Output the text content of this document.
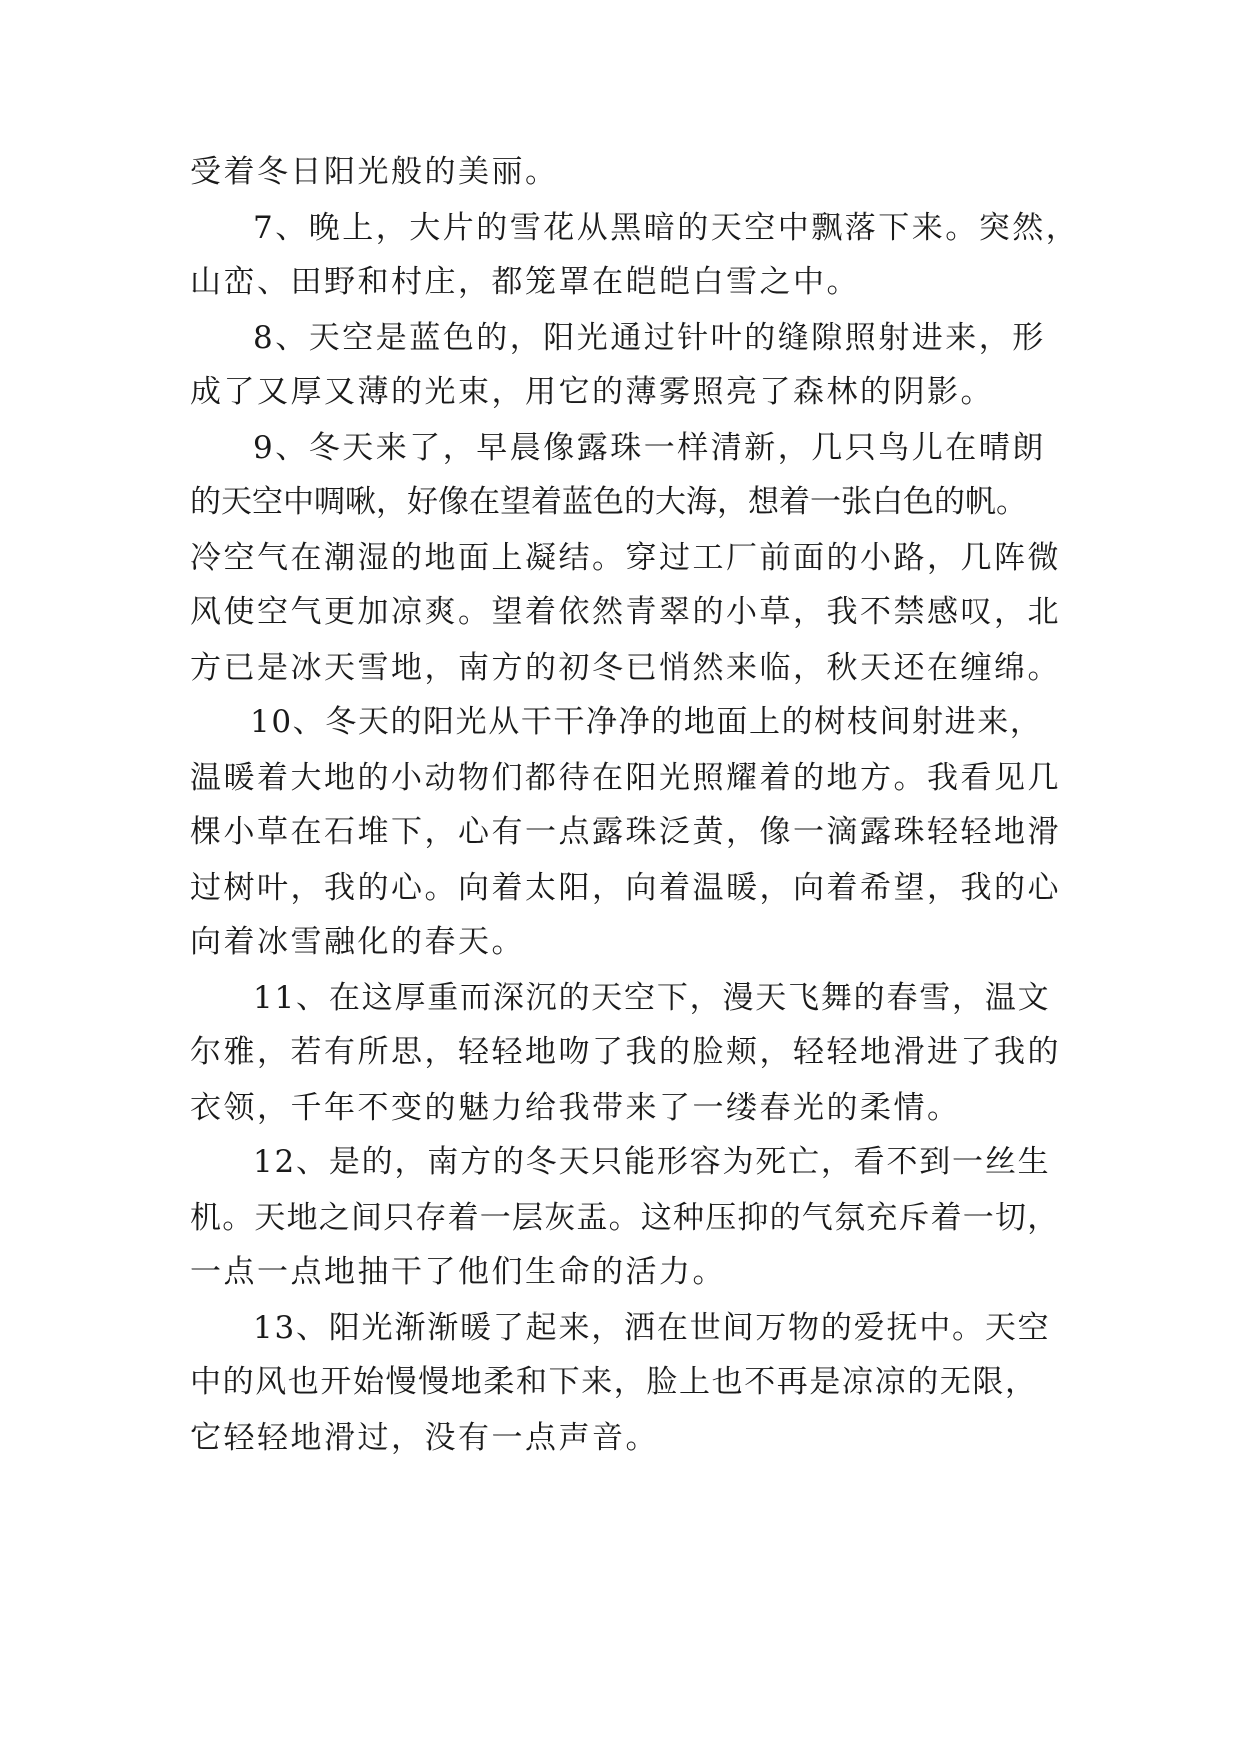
受着冬日阳光般的美丽。
7、晚上，大片的雪花从黑暗的天空中飘落下来。突然，
山峦、田野和村庄，都笼罩在皑皑白雪之中。
8、天空是蓝色的，阳光通过针叶的缝隙照射进来，形
成了又厚又薄的光束，用它的薄雾照亮了森林的阴影。
9、冬天来了，早晨像露珠一样清新，几只鸟儿在晴朗
的天空中啁啾，好像在望着蓝色的大海，想着一张白色的帆。
冷空气在潮湿的地面上凝结。穿过工厂前面的小路，几阵微
风使空气更加凉爽。望着依然青翠的小草，我不禁感叹，北
方已是冰天雪地，南方的初冬已悄然来临，秋天还在缠绵。
10、冬天的阳光从干干净净的地面上的树枝间射进来，
温暖着大地的小动物们都待在阳光照耀着的地方。我看见几
棵小草在石堆下，心有一点露珠泛黄，像一滴露珠轻轻地滑
过树叶，我的心。向着太阳，向着温暖，向着希望，我的心
向着冰雪融化的春天。
11、在这厚重而深沉的天空下，漫天飞舞的春雪，温文
尔雅，若有所思，轻轻地吻了我的脸颊，轻轻地滑进了我的
衣领，千年不变的魅力给我带来了一缕春光的柔情。
12、是的，南方的冬天只能形容为死亡，看不到一丝生
机。天地之间只存着一层灰盂。这种压抑的气氛充斥着一切，
一点一点地抽干了他们生命的活力。
13、阳光渐渐暖了起来，洒在世间万物的爱抚中。天空
中的风也开始慢慢地柔和下来，脸上也不再是凉凉的无限，
它轻轻地滑过，没有一点声音。
